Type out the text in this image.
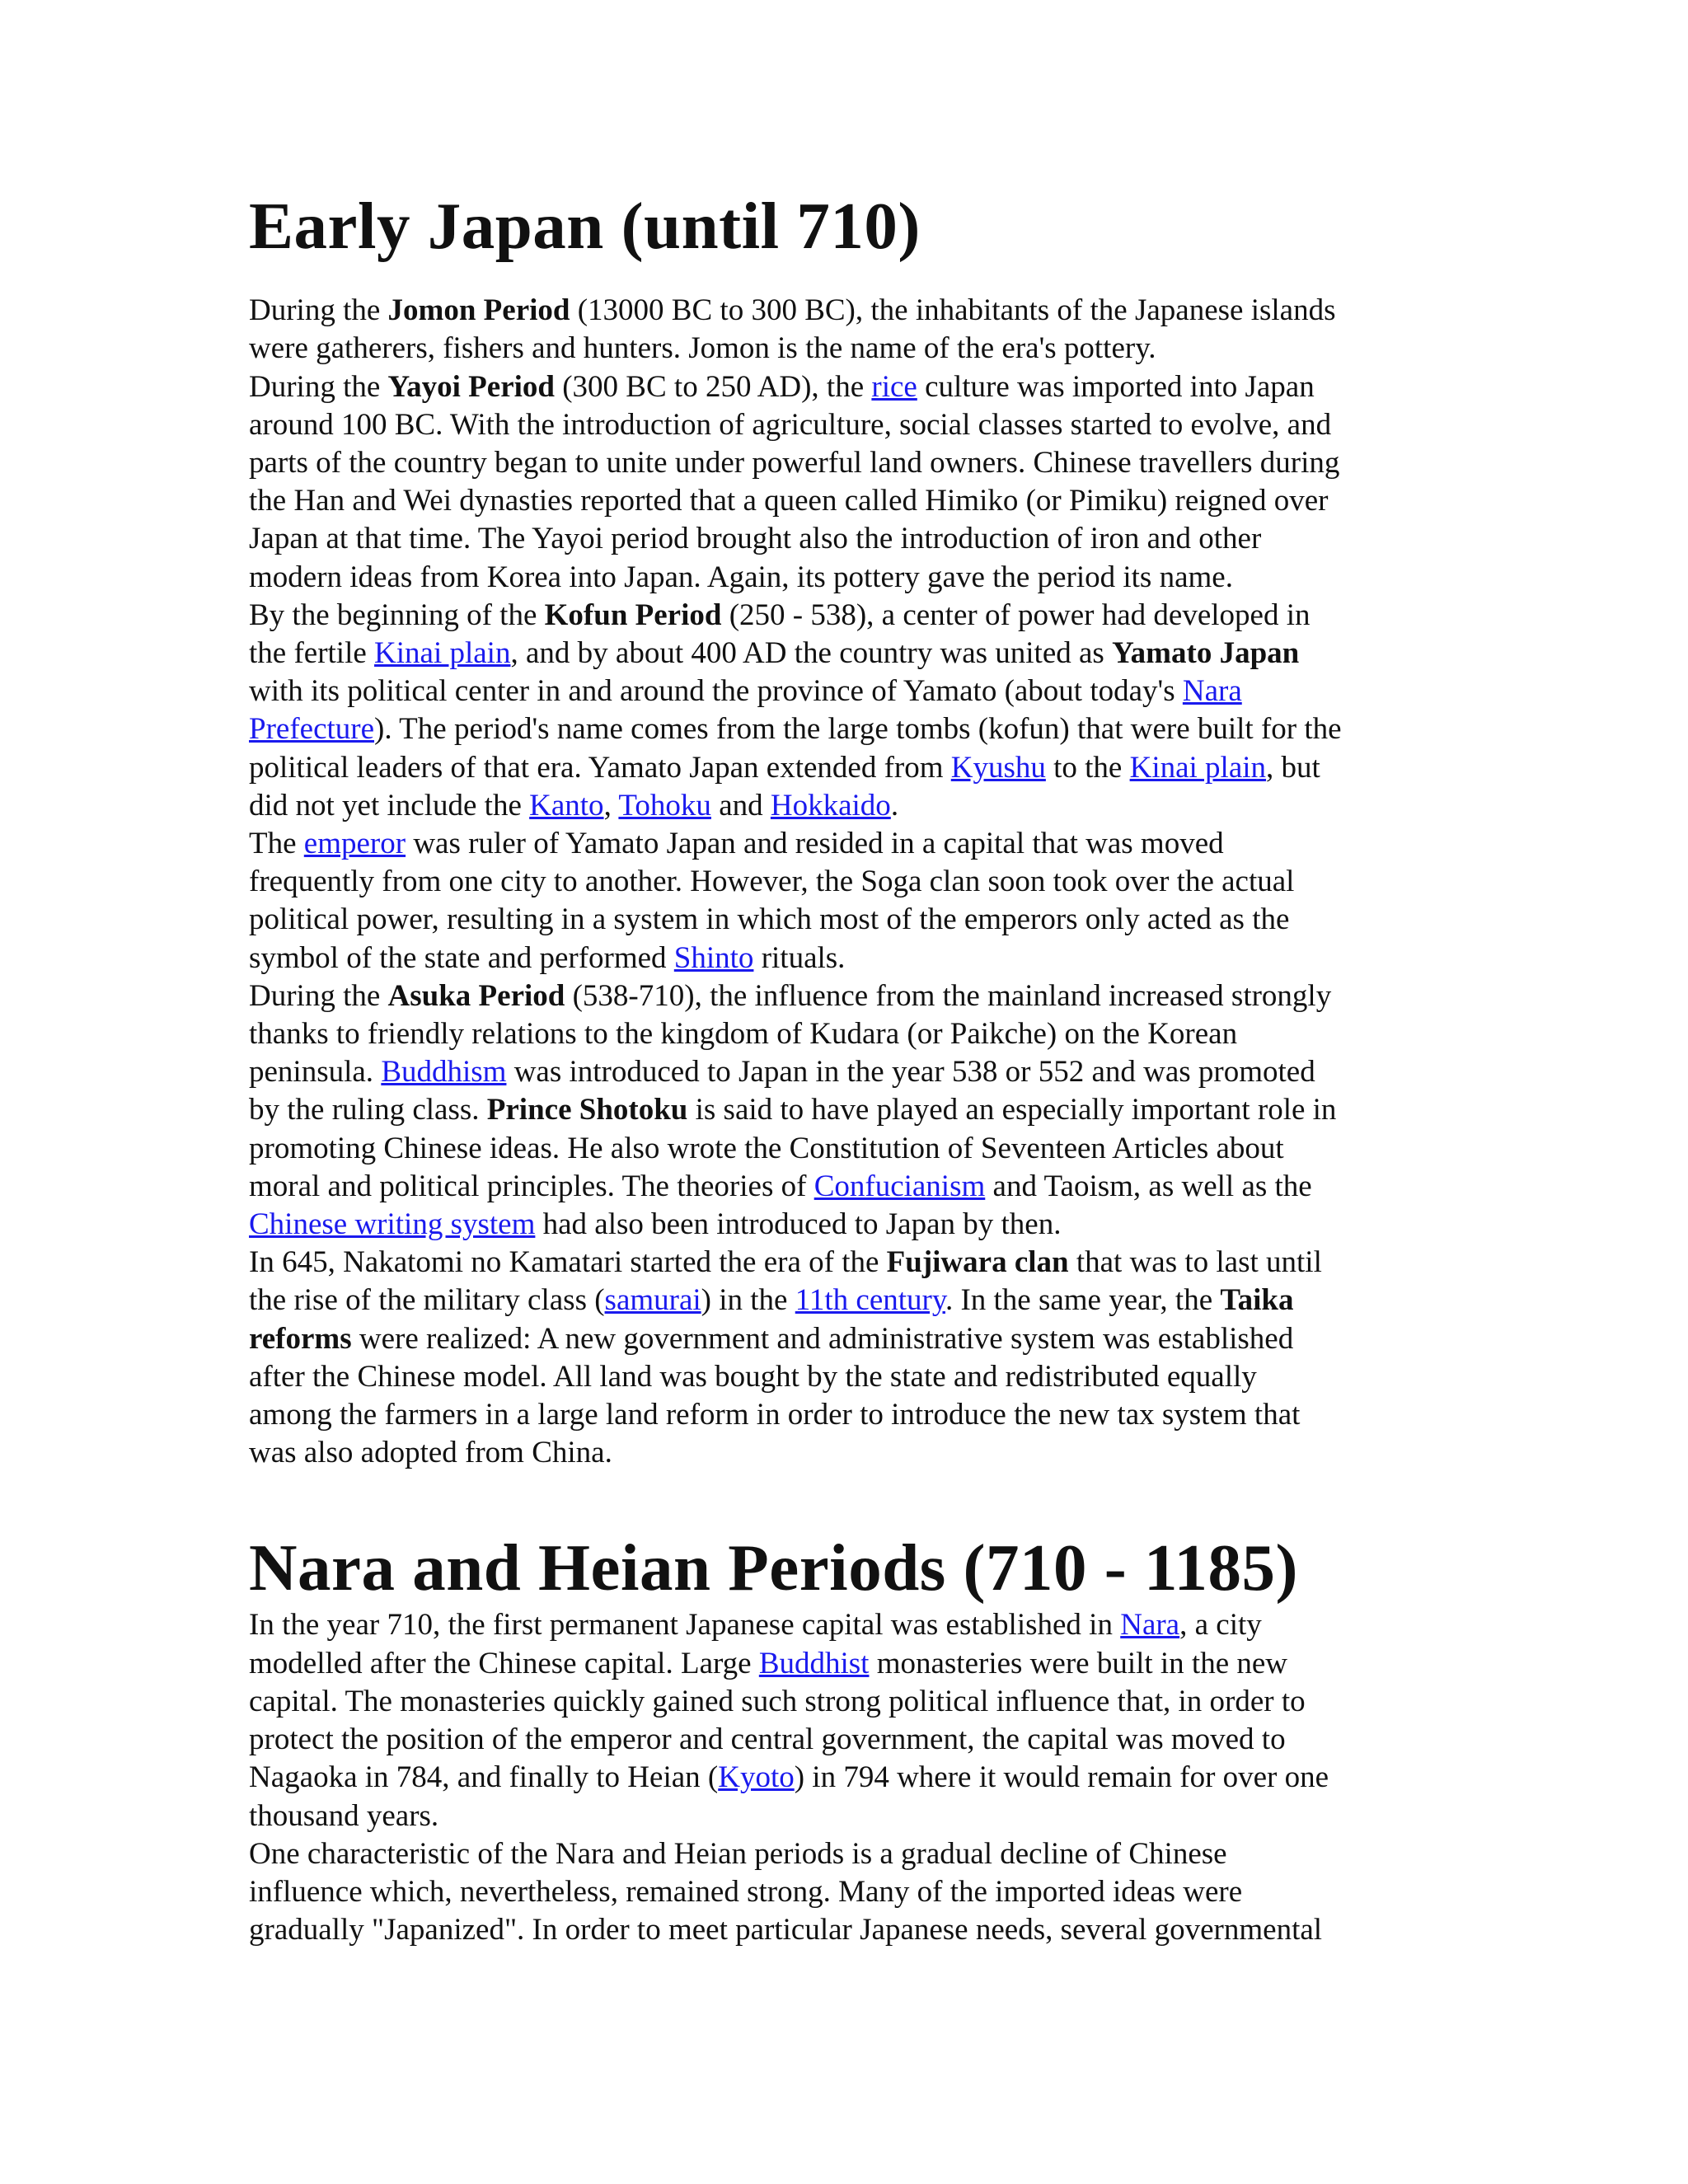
Early Japan (until 710)

During the Jomon Period (13000 BC to 300 BC), the inhabitants of the Japanese islands
were gatherers, fishers and hunters. Jomon is the name of the era's pottery.

During the Yayoi Period (300 BC to 250 AD), the rice culture was imported into Japan
around 100 BC. With the introduction of agriculture, social classes started to evolve, and
parts of the country began to unite under powerful land owners. Chinese travellers during
the Han and Wei dynasties reported that a queen called Himiko (or Pimiku) reigned over
Japan at that time. The Yayoi period brought also the introduction of iron and other
modern ideas from Korea into Japan. Again, its pottery gave the period its name.

By the beginning of the Kofun Period (250 - 538), a center of power had developed in
the fertile Kinai plain, and by about 400 AD the country was united as Yamato Japan
with its political center in and around the province of Yamato (about today's Nara
Prefecture). The period's name comes from the large tombs (kofun) that were built for the
political leaders of that era. Yamato Japan extended from Kyushu to the Kinai plain, but
did not yet include the Kanto, Tohoku and Hokkaido.

The emperor was ruler of Yamato Japan and resided in a capital that was moved
frequently from one city to another. However, the Soga clan soon took over the actual
political power, resulting in a system in which most of the emperors only acted as the
symbol of the state and performed Shinto rituals.

During the Asuka Period (538-710), the influence from the mainland increased strongly
thanks to friendly relations to the kingdom of Kudara (or Paikche) on the Korean
peninsula. Buddhism was introduced to Japan in the year 538 or 552 and was promoted
by the ruling class. Prince Shotoku is said to have played an especially important role in
promoting Chinese ideas. He also wrote the Constitution of Seventeen Articles about
moral and political principles. The theories of Confucianism and Taoism, as well as the
Chinese writing system had also been introduced to Japan by then.

In 645, Nakatomi no Kamatari started the era of the Fujiwara clan that was to last until
the rise of the military class (samurai) in the 11th century. In the same year, the Taika
reforms were realized: A new government and administrative system was established
after the Chinese model. All land was bought by the state and redistributed equally
among the farmers in a large land reform in order to introduce the new tax system that
was also adopted from China.

Nara and Heian Periods (710 - 1185)

In the year 710, the first permanent Japanese capital was established in Nara, a city
modelled after the Chinese capital. Large Buddhist monasteries were built in the new
capital. The monasteries quickly gained such strong political influence that, in order to
protect the position of the emperor and central government, the capital was moved to
Nagaoka in 784, and finally to Heian (Kyoto) in 794 where it would remain for over one
thousand years.

One characteristic of the Nara and Heian periods is a gradual decline of Chinese
influence which, nevertheless, remained strong. Many of the imported ideas were
gradually "Japanized". In order to meet particular Japanese needs, several governmental
